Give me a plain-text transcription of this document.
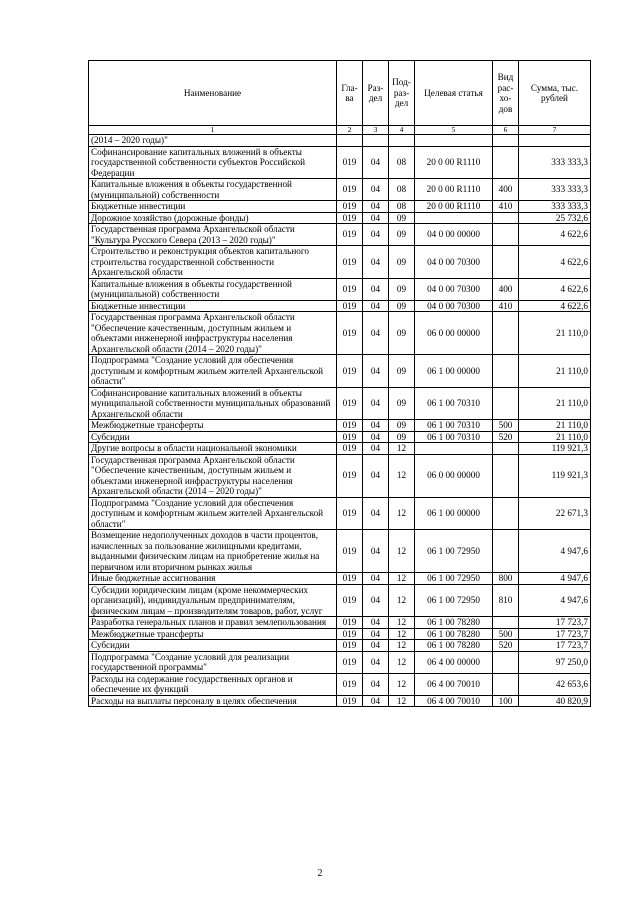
Наименование	Гла-ва	Раз-дел	Под-раз-дел	Целевая статья	Вид рас-хо-дов	Сумма, тыс. рублей
1	2	3	4	5	6	7
(2014 – 2020 годы)"						
Софинансирование капитальных вложений в объекты государственной собственности субъектов Российской Федерации	019	04	08	20 0 00 R1110		333 333,3
Капитальные вложения в объекты государственной (муниципальной) собственности	019	04	08	20 0 00 R1110	400	333 333,3
Бюджетные инвестиции	019	04	08	20 0 00 R1110	410	333 333,3
Дорожное хозяйство (дорожные фонды)	019	04	09			25 732,6
Государственная программа Архангельской области "Культура Русского Севера (2013 – 2020 годы)"	019	04	09	04 0 00 00000		4 622,6
Строительство и реконструкция объектов капитального строительства государственной собственности Архангельской области	019	04	09	04 0 00 70300		4 622,6
Капитальные вложения в объекты государственной (муниципальной) собственности	019	04	09	04 0 00 70300	400	4 622,6
Бюджетные инвестиции	019	04	09	04 0 00 70300	410	4 622,6
Государственная программа Архангельской области "Обеспечение качественным, доступным жильем и объектами инженерной инфраструктуры населения Архангельской области (2014 – 2020 годы)"	019	04	09	06 0 00 00000		21 110,0
Подпрограмма "Создание условий для обеспечения доступным и комфортным жильем жителей Архангельской области"	019	04	09	06 1 00 00000		21 110,0
Софинансирование капитальных вложений в объекты муниципальной собственности муниципальных образований Архангельской области	019	04	09	06 1 00 70310		21 110,0
Межбюджетные трансферты	019	04	09	06 1 00 70310	500	21 110,0
Субсидии	019	04	09	06 1 00 70310	520	21 110,0
Другие вопросы в области национальной экономики	019	04	12			119 921,3
Государственная программа Архангельской области "Обеспечение качественным, доступным жильем и объектами инженерной инфраструктуры населения Архангельской области (2014 – 2020 годы)"	019	04	12	06 0 00 00000		119 921,3
Подпрограмма "Создание условий для обеспечения доступным и комфортным жильем жителей Архангельской области"	019	04	12	06 1 00 00000		22 671,3
Возмещение недополученных доходов в части процентов, начисленных за пользование жилищными кредитами, выданными физическим лицам на приобретение жилья на первичном или вторичном рынках жилья	019	04	12	06 1 00 72950		4 947,6
Иные бюджетные ассигнования	019	04	12	06 1 00 72950	800	4 947,6
Субсидии юридическим лицам (кроме некоммерческих организаций), индивидуальным предпринимателям, физическим лицам – производителям товаров, работ, услуг	019	04	12	06 1 00 72950	810	4 947,6
Разработка генеральных планов и правил землепользования	019	04	12	06 1 00 78280		17 723,7
Межбюджетные трансферты	019	04	12	06 1 00 78280	500	17 723,7
Субсидии	019	04	12	06 1 00 78280	520	17 723,7
Подпрограмма "Создание условий для реализации государственной программы"	019	04	12	06 4 00 00000		97 250,0
Расходы на содержание государственных органов и обеспечение их функций	019	04	12	06 4 00 70010		42 653,6
Расходы на выплаты персоналу в целях обеспечения	019	04	12	06 4 00 70010	100	40 820,9
2
